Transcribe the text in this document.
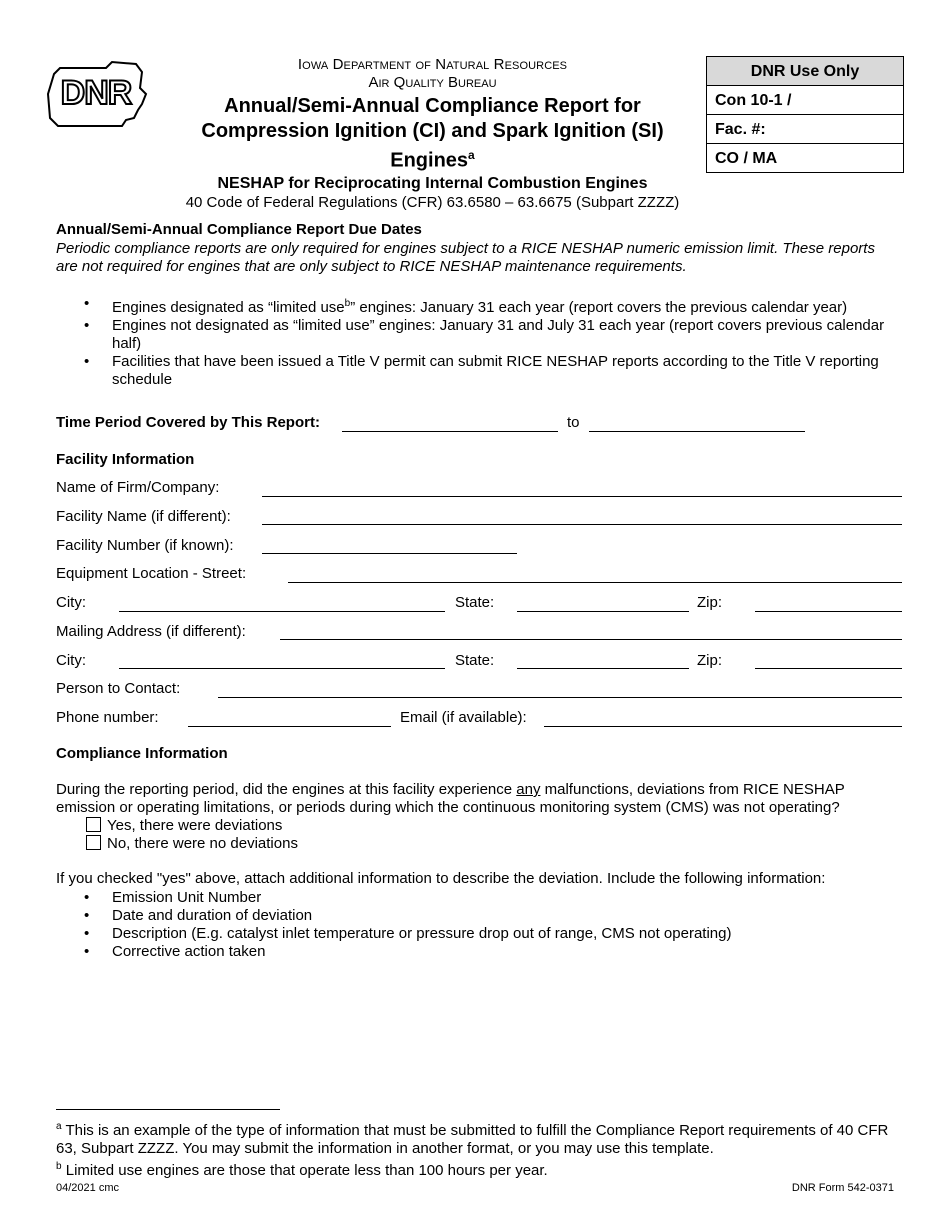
DNR
Iowa Department of Natural Resources
Air Quality Bureau
Annual/Semi-Annual Compliance Report for
Compression Ignition (CI) and Spark Ignition (SI)
Engines$^a$
NESHAP for Reciprocating Internal Combustion Engines
40 Code of Federal Regulations (CFR) 63.6580 – 63.6675 (Subpart ZZZZ)
DNR Use Only
Con 10-1 /
Fac. #:
CO / MA
Annual/Semi-Annual Compliance Report Due Dates
Periodic compliance reports are only required for engines subject to a RICE NESHAP numeric emission limit. These reports are not required for engines that are only subject to RICE NESHAP maintenance requirements.
• Engines designated as “limited use$^b$” engines: January 31 each year (report covers the previous calendar year)
• Engines not designated as “limited use” engines: January 31 and July 31 each year (report covers previous calendar half)
• Facilities that have been issued a Title V permit can submit RICE NESHAP reports according to the Title V reporting schedule
Time Period Covered by This Report:	to
Facility Information
Name of Firm/Company:
Facility Name (if different):
Facility Number (if known):
Equipment Location - Street:
City:	State:	Zip:
Mailing Address (if different):
City:	State:	Zip:
Person to Contact:
Phone number:	Email (if available):
Compliance Information
During the reporting period, did the engines at this facility experience any malfunctions, deviations from RICE NESHAP emission or operating limitations, or periods during which the continuous monitoring system (CMS) was not operating?
Yes, there were deviations
No, there were no deviations
If you checked "yes" above, attach additional information to describe the deviation. Include the following information:
• Emission Unit Number
• Date and duration of deviation
• Description (E.g. catalyst inlet temperature or pressure drop out of range, CMS not operating)
• Corrective action taken
$^a$ This is an example of the type of information that must be submitted to fulfill the Compliance Report requirements of 40 CFR 63, Subpart ZZZZ. You may submit the information in another format, or you may use this template.
$^b$ Limited use engines are those that operate less than 100 hours per year.
04/2021 cmc	DNR Form 542-0371
